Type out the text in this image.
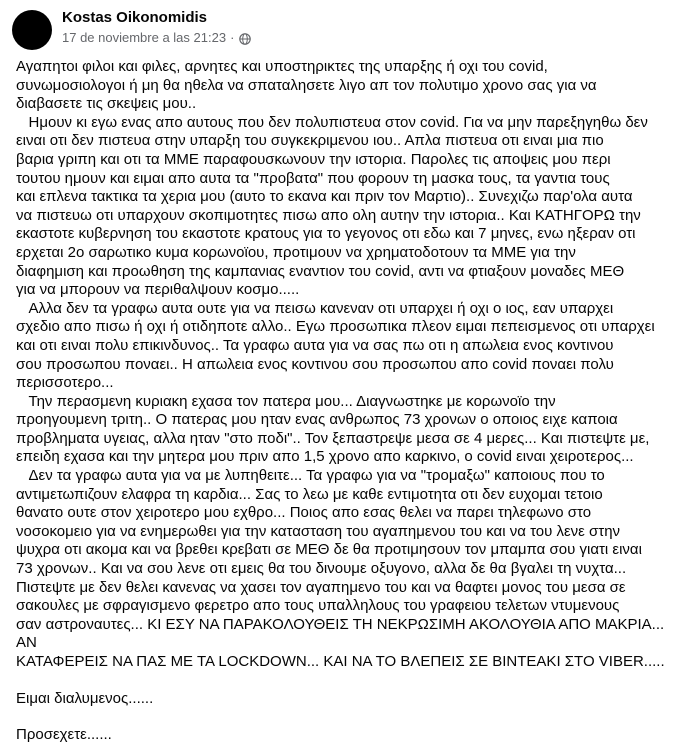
Kostas Oikonomidis
17 de noviembre a las 21:23 ·

Αγαπητοι φιλοι και φιλες, αρνητες και υποστηρικτες της υπαρξης ή οχι του covid,
συνωμοσιολογοι ή μη θα ηθελα να σπαταλησετε λιγο απ τον πολυτιμο χρονο σας για να
διαβασετε τις σκεψεις μου..

Ημουν κι εγω ενας απο αυτους που δεν πολυπιστευα στον covid. Για να μην παρεξηγηθω δεν
ειναι οτι δεν πιστευα στην υπαρξη του συγκεκριμενου ιου.. Απλα πιστευα οτι ειναι μια πιο
βαρια γριπη και οτι τα ΜΜΕ παραφουσκωνουν την ιστορια. Παρολες τις αποψεις μου περι
τουτου ημουν και ειμαι απο αυτα τα "προβατα" που φορουν τη μασκα τους, τα γαντια τους
και επλενα τακτικα τα χερια μου (αυτο το εκανα και πριν τον Μαρτιο).. Συνεχιζω παρ'ολα αυτα
να πιστευω οτι υπαρχουν σκοπιμοτητες πισω απο ολη αυτην την ιστορια.. Και ΚΑΤΗΓΟΡΩ την
εκαστοτε κυβερνηση του εκαστοτε κρατους για το γεγονος οτι εδω και 7 μηνες, ενω ηξεραν οτι
ερχεται 2ο σαρωτικο κυμα κορωνοϊου, προτιμουν να χρηματοδοτουν τα ΜΜΕ για την
διαφημιση και προωθηση της καμπανιας εναντιον του covid, αντι να φτιαξουν μοναδες ΜΕΘ
για να μπορουν να περιθαλψουν κοσμο.....

Αλλα δεν τα γραφω αυτα ουτε για να πεισω κανεναν οτι υπαρχει ή οχι ο ιος, εαν υπαρχει
σχεδιο απο πισω ή οχι ή οτιδηποτε αλλο.. Εγω προσωπικα πλεον ειμαι πεπεισμενος οτι υπαρχει
και οτι ειναι πολυ επικινδυνος.. Τα γραφω αυτα για να σας πω οτι η απωλεια ενος κοντινου
σου προσωπου ποναει.. Η απωλεια ενος κοντινου σου προσωπου απο covid ποναει πολυ
περισσοτερο...

Την περασμενη κυριακη εχασα τον πατερα μου... Διαγνωστηκε με κορωνοϊο την
προηγουμενη τριτη.. Ο πατερας μου ηταν ενας ανθρωπος 73 χρονων ο οποιος ειχε καποια
προβληματα υγειας, αλλα ηταν "στο ποδι".. Τον ξεπαστρεψε μεσα σε 4 μερες... Και πιστεψτε με,
επειδη εχασα και την μητερα μου πριν απο 1,5 χρονο απο καρκινο, ο covid ειναι χειροτερος...

Δεν τα γραφω αυτα για να με λυπηθειτε... Τα γραφω για να "τρομαξω" καποιους που το
αντιμετωπιζουν ελαφρα τη καρδια... Σας το λεω με καθε εντιμοτητα οτι δεν ευχομαι τετοιο
θανατο ουτε στον χειροτερο μου εχθρο... Ποιος απο εσας θελει να παρει τηλεφωνο στο
νοσοκομειο για να ενημερωθει για την κατασταση του αγαπημενου του και να του λενε στην
ψυχρα οτι ακομα και να βρεθει κρεβατι σε ΜΕΘ δε θα προτιμησουν τον μπαμπα σου γιατι ειναι
73 χρονων.. Και να σου λενε οτι εμεις θα του δινουμε οξυγονο, αλλα δε θα βγαλει τη νυχτα...
Πιστεψτε με δεν θελει κανενας να χασει τον αγαπημενο του και να θαφτει μονος του μεσα σε
σακουλες με σφραγισμενο φερετρο απο τους υπαλληλους του γραφειου τελετων ντυμενους
σαν αστροναυτες... ΚΙ ΕΣΥ ΝΑ ΠΑΡΑΚΟΛΟΥΘΕΙΣ ΤΗ ΝΕΚΡΩΣΙΜΗ ΑΚΟΛΟΥΘΙΑ ΑΠΟ ΜΑΚΡΙΑ... ΑΝ
ΚΑΤΑΦΕΡΕΙΣ ΝΑ ΠΑΣ ΜΕ ΤΑ LOCKDOWN... ΚΑΙ ΝΑ ΤΟ ΒΛΕΠΕΙΣ ΣΕ ΒΙΝΤΕΑΚΙ ΣΤΟ VIBER.....

Ειμαι διαλυμενος......

Προσεχετε......
